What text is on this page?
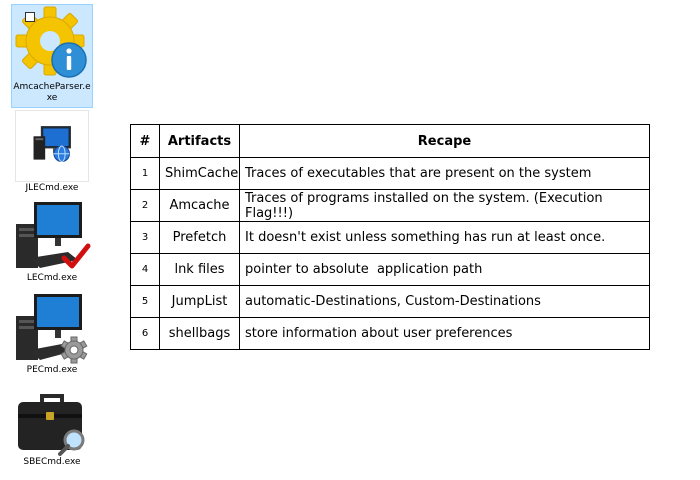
AmcacheParser.exe
JLECmd.exe
LECmd.exe
PECmd.exe
SBECmd.exe
#	Artifacts	Recape
1	ShimCache	Traces of executables that are present on the system
2	Amcache	Traces of programs installed on the system. (Execution Flag!!!)
3	Prefetch	It doesn't exist unless something has run at least once.
4	lnk files	pointer to absolute  application path
5	JumpList	automatic-Destinations, Custom-Destinations
6	shellbags	store information about user preferences
